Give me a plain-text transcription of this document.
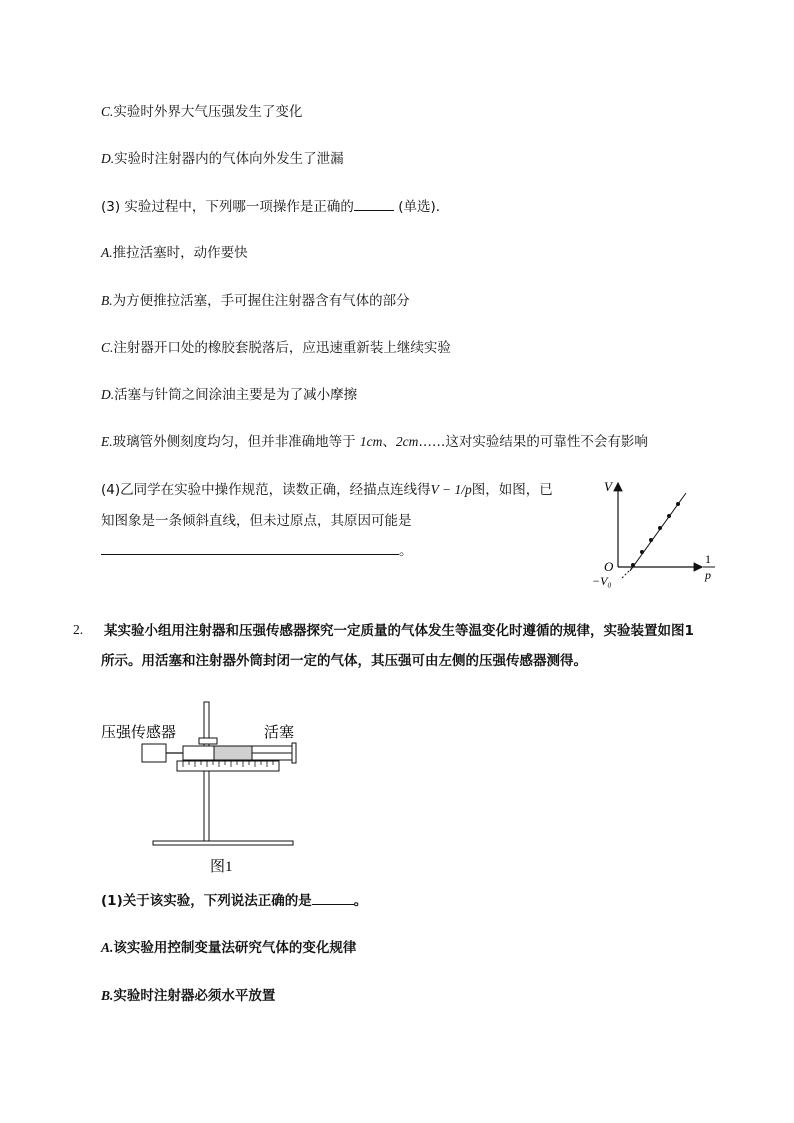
C.实验时外界大气压强发生了变化
D.实验时注射器内的气体向外发生了泄漏
(3) 实验过程中，下列哪一项操作是正确的	(单选)．
A.推拉活塞时，动作要快
B.为方便推拉活塞，手可握住注射器含有气体的部分
C.注射器开口处的橡胶套脱落后，应迅速重新装上继续实验
D.活塞与针筒之间涂油主要是为了减小摩擦
E.玻璃管外侧刻度均匀，但并非准确地等于 1cm、2cm……这对实验结果的可靠性不会有影响
(4)乙同学在实验中操作规范，读数正确，经描点连线得V − 1/p图，如图，已
知图象是一条倾斜直线，但未过原点，其原因可能是
。
V
O
−V₀
1
p
2. 某实验小组用注射器和压强传感器探究一定质量的气体发生等温变化时遵循的规律，实验装置如图1
所示。用活塞和注射器外筒封闭一定的气体，其压强可由左侧的压强传感器测得。
压强传感器	活塞
图1
(1)关于该实验，下列说法正确的是	。
A.该实验用控制变量法研究气体的变化规律
B.实验时注射器必须水平放置
